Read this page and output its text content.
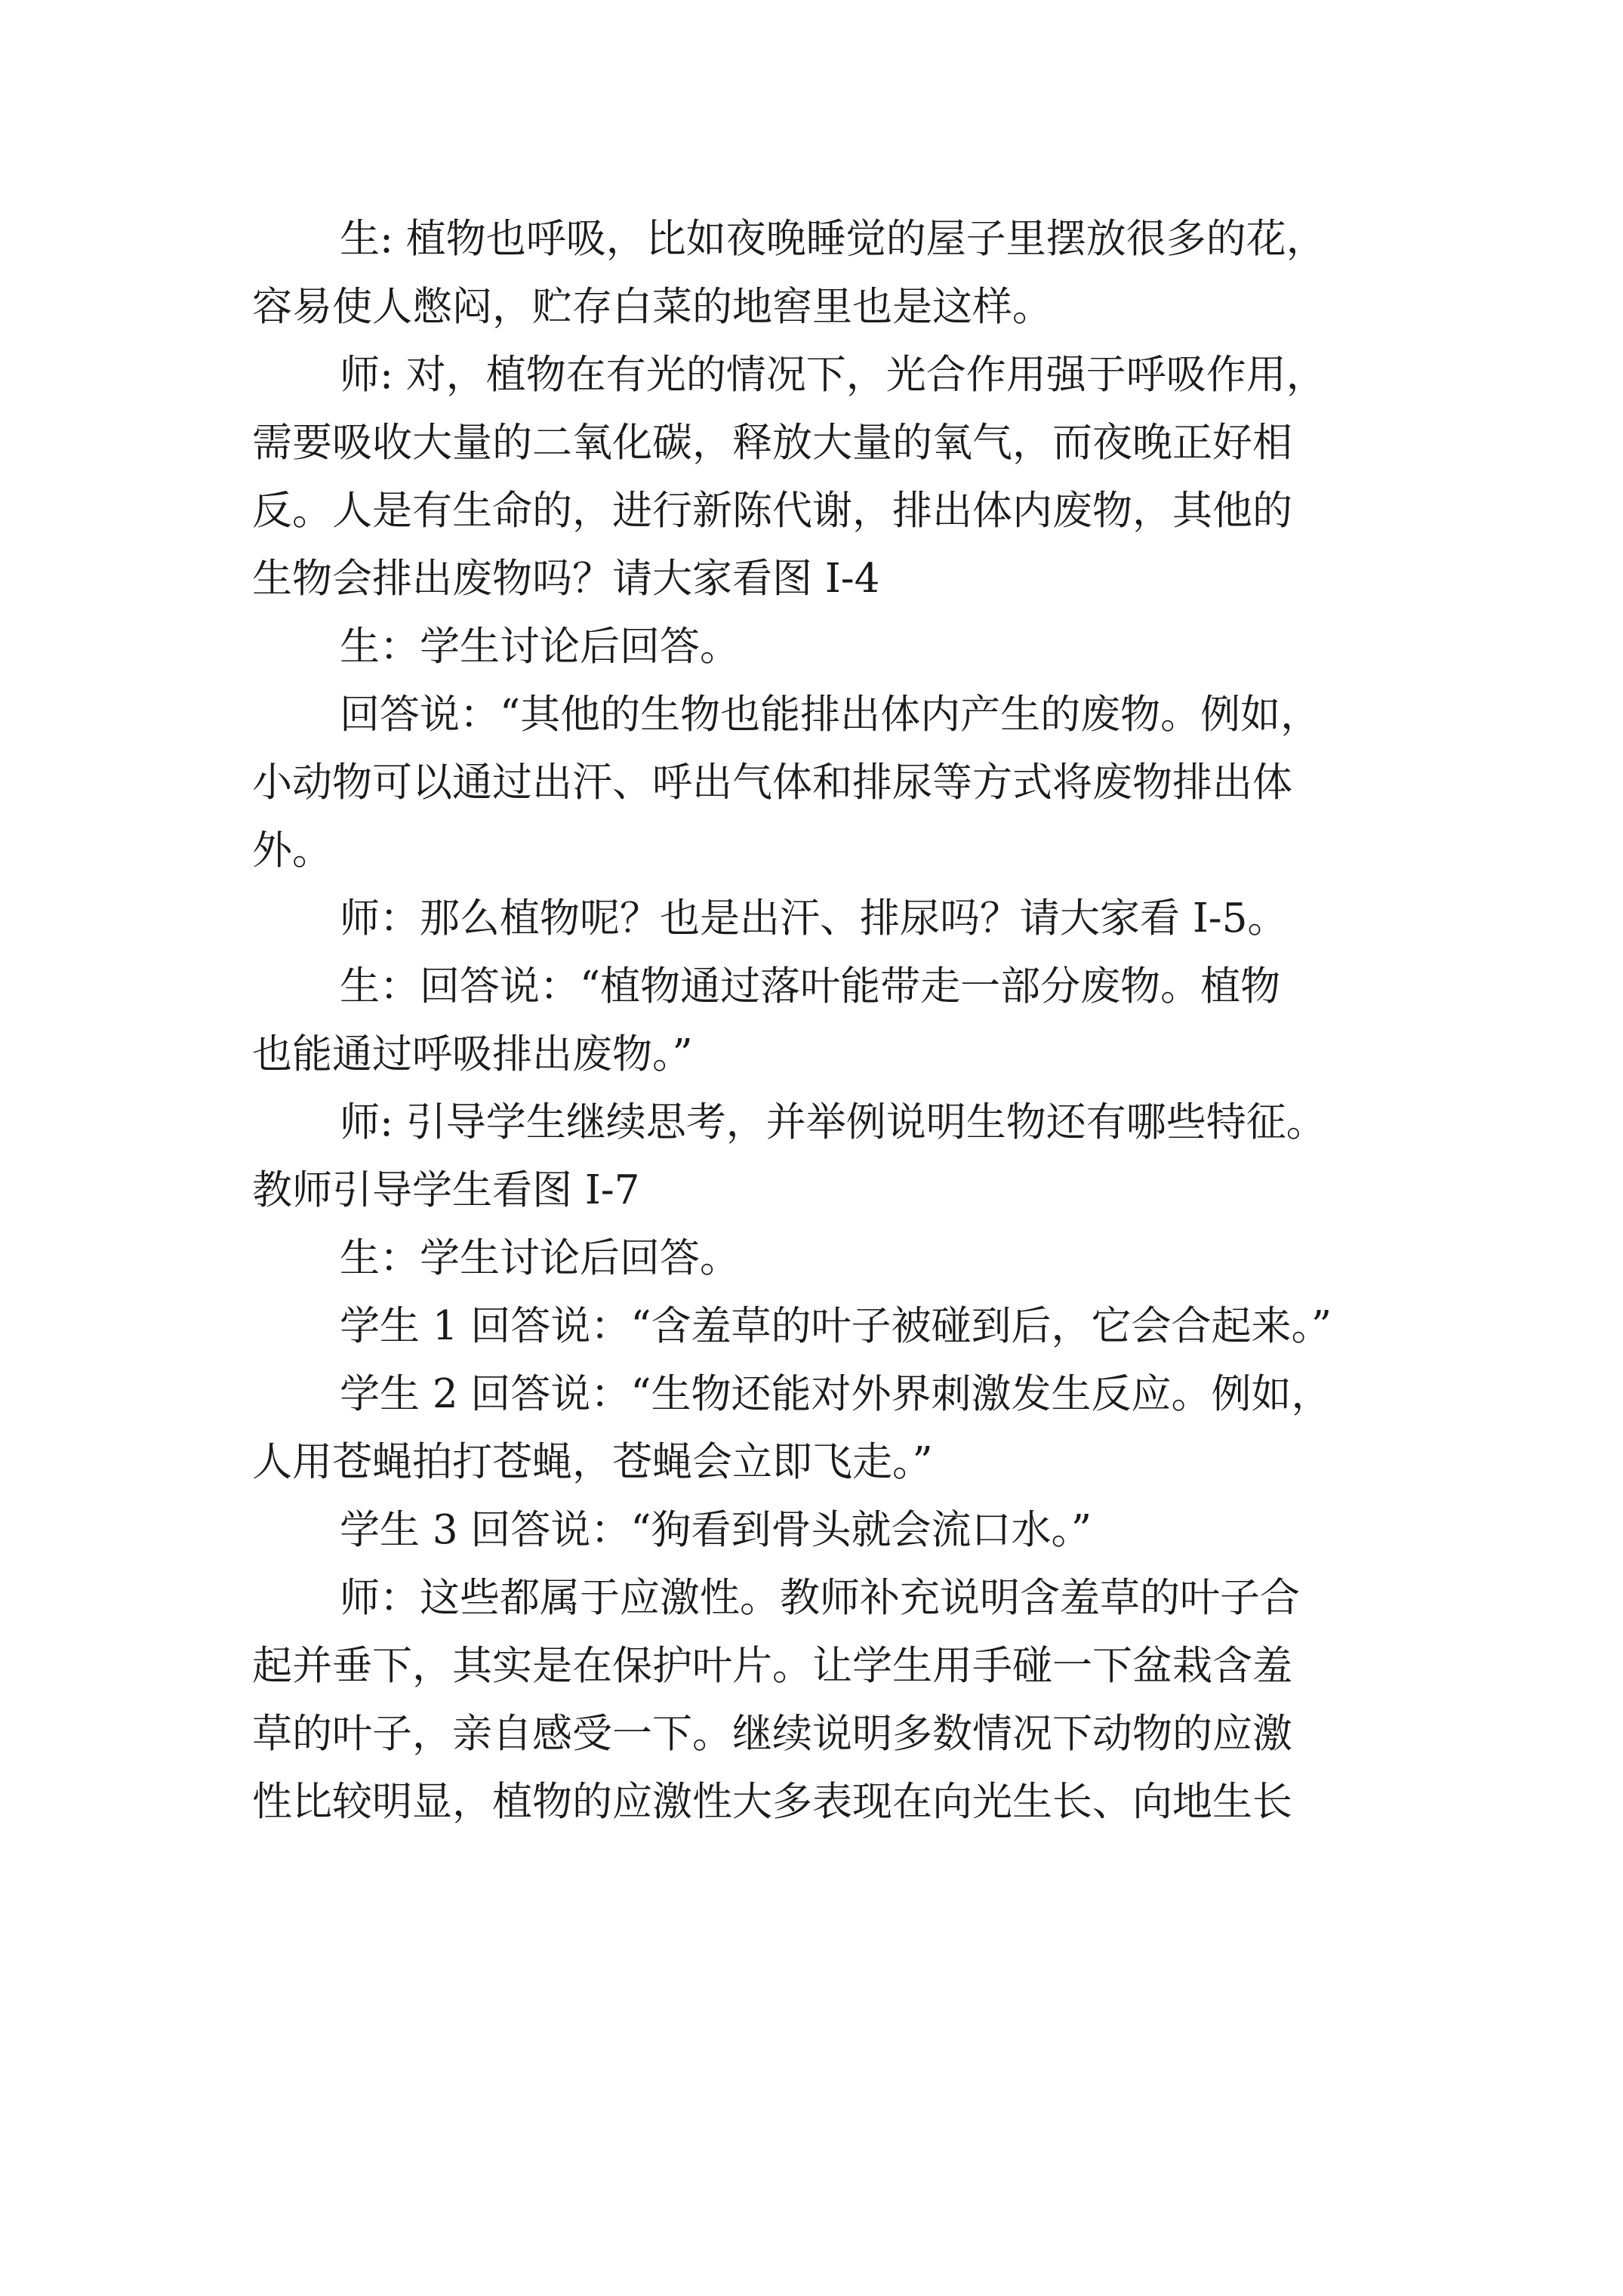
生: 植物也呼吸，比如夜晚睡觉的屋子里摆放很多的花，
容易使人憋闷，贮存白菜的地窖里也是这样。
师: 对，植物在有光的情况下，光合作用强于呼吸作用，
需要吸收大量的二氧化碳，释放大量的氧气，而夜晚正好相
反。人是有生命的，进行新陈代谢，排出体内废物，其他的
生物会排出废物吗？请大家看图 I-4
生：学生讨论后回答。
回答说：“其他的生物也能排出体内产生的废物。例如，
小动物可以通过出汗、呼出气体和排尿等方式将废物排出体
外。
师：那么植物呢？也是出汗、排尿吗？请大家看 I-5。
生：回答说：“植物通过落叶能带走一部分废物。植物
也能通过呼吸排出废物。”
师: 引导学生继续思考，并举例说明生物还有哪些特征。
教师引导学生看图 I-7
生：学生讨论后回答。
学生 1 回答说：“含羞草的叶子被碰到后，它会合起来。”
学生 2 回答说：“生物还能对外界刺激发生反应。例如，
人用苍蝇拍打苍蝇，苍蝇会立即飞走。”
学生 3 回答说：“狗看到骨头就会流口水。”
师：这些都属于应激性。教师补充说明含羞草的叶子合
起并垂下，其实是在保护叶片。让学生用手碰一下盆栽含羞
草的叶子，亲自感受一下。继续说明多数情况下动物的应激
性比较明显，植物的应激性大多表现在向光生长、向地生长
